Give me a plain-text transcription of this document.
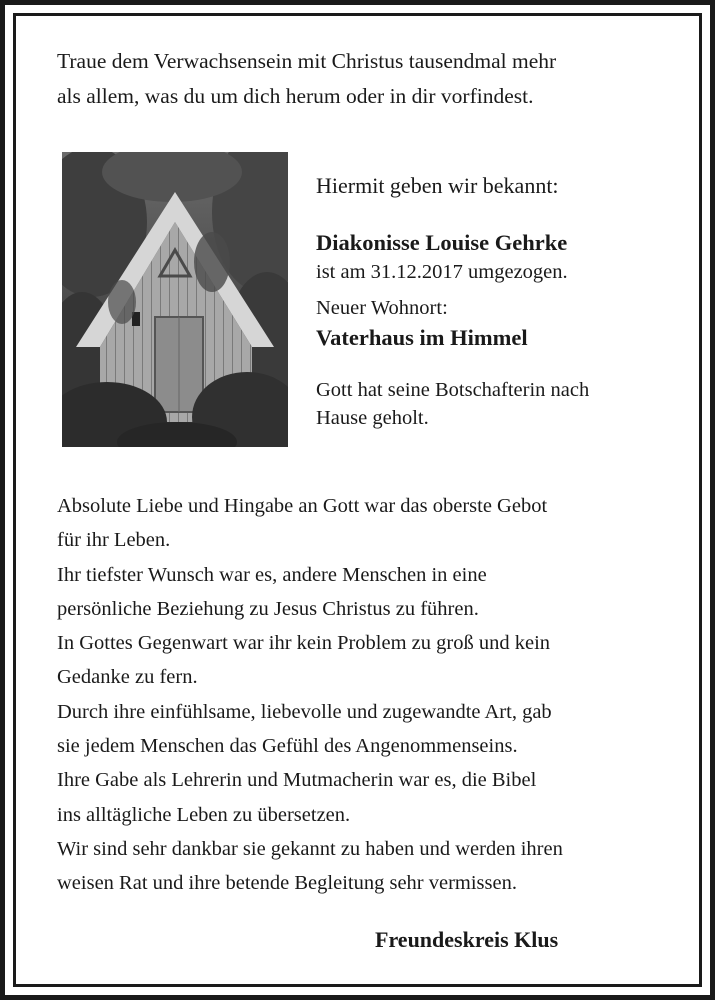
Traue dem Verwachsensein mit Christus tausendmal mehr
als allem, was du um dich herum oder in dir vorfindest.

Hiermit geben wir bekannt:

Diakonisse Louise Gehrke

ist am 31.12.2017 umgezogen.

Neuer Wohnort:

Vaterhaus im Himmel

Gott hat seine Botschafterin nach

Hause geholt.

Absolute Liebe und Hingabe an Gott war das oberste Gebot
für ihr Leben.
Ihr tiefster Wunsch war es, andere Menschen in eine
persönliche Beziehung zu Jesus Christus zu führen.
In Gottes Gegenwart war ihr kein Problem zu groß und kein
Gedanke zu fern.
Durch ihre einfühlsame, liebevolle und zugewandte Art, gab
sie jedem Menschen das Gefühl des Angenommenseins.
Ihre Gabe als Lehrerin und Mutmacherin war es, die Bibel
ins alltägliche Leben zu übersetzen.
Wir sind sehr dankbar sie gekannt zu haben und werden ihren
weisen Rat und ihre betende Begleitung sehr vermissen.

Freundeskreis Klus
